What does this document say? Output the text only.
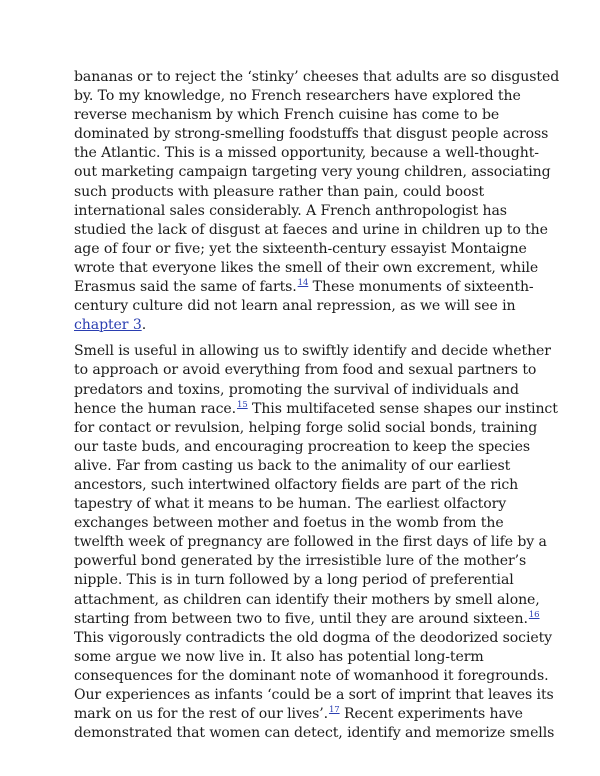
bananas or to reject the ‘stinky’ cheeses that adults are so disgusted
by. To my knowledge, no French researchers have explored the
reverse mechanism by which French cuisine has come to be
dominated by strong-smelling foodstuffs that disgust people across
the Atlantic. This is a missed opportunity, because a well-thought-
out marketing campaign targeting very young children, associating
such products with pleasure rather than pain, could boost
international sales considerably. A French anthropologist has
studied the lack of disgust at faeces and urine in children up to the
age of four or five; yet the sixteenth-century essayist Montaigne
wrote that everyone likes the smell of their own excrement, while
Erasmus said the same of farts.$^{14}$ These monuments of sixteenth-
century culture did not learn anal repression, as we will see in
chapter 3.

Smell is useful in allowing us to swiftly identify and decide whether
to approach or avoid everything from food and sexual partners to
predators and toxins, promoting the survival of individuals and
hence the human race.$^{15}$ This multifaceted sense shapes our instinct
for contact or revulsion, helping forge solid social bonds, training
our taste buds, and encouraging procreation to keep the species
alive. Far from casting us back to the animality of our earliest
ancestors, such intertwined olfactory fields are part of the rich
tapestry of what it means to be human. The earliest olfactory
exchanges between mother and foetus in the womb from the
twelfth week of pregnancy are followed in the first days of life by a
powerful bond generated by the irresistible lure of the mother’s
nipple. This is in turn followed by a long period of preferential
attachment, as children can identify their mothers by smell alone,
starting from between two to five, until they are around sixteen.$^{16}$
This vigorously contradicts the old dogma of the deodorized society
some argue we now live in. It also has potential long-term
consequences for the dominant note of womanhood it foregrounds.
Our experiences as infants ‘could be a sort of imprint that leaves its
mark on us for the rest of our lives’.$^{17}$ Recent experiments have
demonstrated that women can detect, identify and memorize smells
